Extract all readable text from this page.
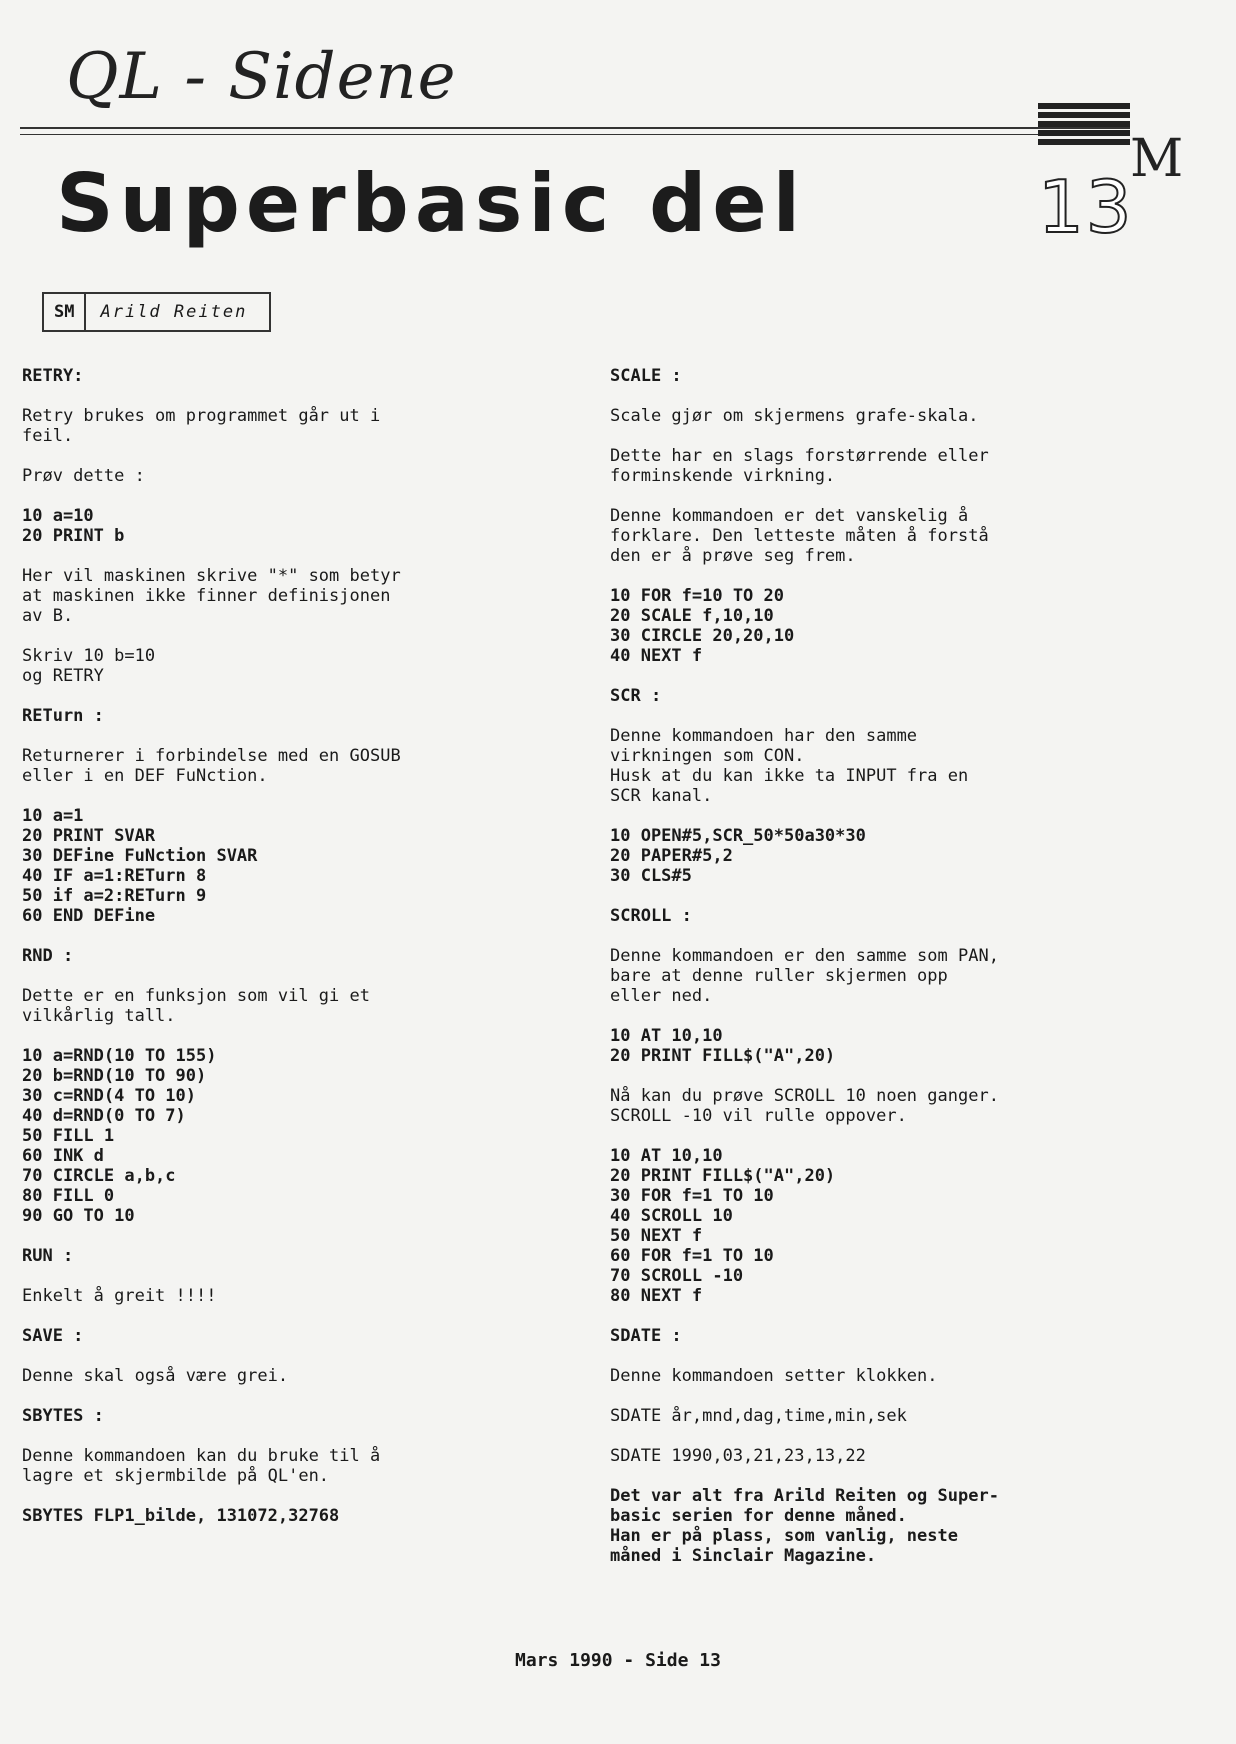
QL - Sidene
M
Superbasic del	13
SM	Arild Reiten
RETRY:
Retry brukes om programmet går ut i
feil.
Prøv dette :
10 a=10
20 PRINT b
Her vil maskinen skrive "*" som betyr
at maskinen ikke finner definisjonen
av B.
Skriv 10 b=10
og RETRY
RETurn :
Returnerer i forbindelse med en GOSUB
eller i en DEF FuNction.
10 a=1
20 PRINT SVAR
30 DEFine FuNction SVAR
40 IF a=1:RETurn 8
50 if a=2:RETurn 9
60 END DEFine
RND :
Dette er en funksjon som vil gi et
vilkårlig tall.
10 a=RND(10 TO 155)
20 b=RND(10 TO 90)
30 c=RND(4 TO 10)
40 d=RND(0 TO 7)
50 FILL 1
60 INK d
70 CIRCLE a,b,c
80 FILL 0
90 GO TO 10
RUN :
Enkelt å greit !!!!
SAVE :
Denne skal også være grei.
SBYTES :
Denne kommandoen kan du bruke til å
lagre et skjermbilde på QL'en.
SBYTES FLP1_bilde, 131072,32768
SCALE :
Scale gjør om skjermens grafe-skala.
Dette har en slags forstørrende eller
forminskende virkning.
Denne kommandoen er det vanskelig å
forklare. Den letteste måten å forstå
den er å prøve seg frem.
10 FOR f=10 TO 20
20 SCALE f,10,10
30 CIRCLE 20,20,10
40 NEXT f
SCR :
Denne kommandoen har den samme
virkningen som CON.
Husk at du kan ikke ta INPUT fra en
SCR kanal.
10 OPEN#5,SCR_50*50a30*30
20 PAPER#5,2
30 CLS#5
SCROLL :
Denne kommandoen er den samme som PAN,
bare at denne ruller skjermen opp
eller ned.
10 AT 10,10
20 PRINT FILL$("A",20)
Nå kan du prøve SCROLL 10 noen ganger.
SCROLL -10 vil rulle oppover.
10 AT 10,10
20 PRINT FILL$("A",20)
30 FOR f=1 TO 10
40 SCROLL 10
50 NEXT f
60 FOR f=1 TO 10
70 SCROLL -10
80 NEXT f
SDATE :
Denne kommandoen setter klokken.
SDATE år,mnd,dag,time,min,sek
SDATE 1990,03,21,23,13,22
Det var alt fra Arild Reiten og Super-
basic serien for denne måned.
Han er på plass, som vanlig, neste
måned i Sinclair Magazine.
Mars 1990 - Side 13
